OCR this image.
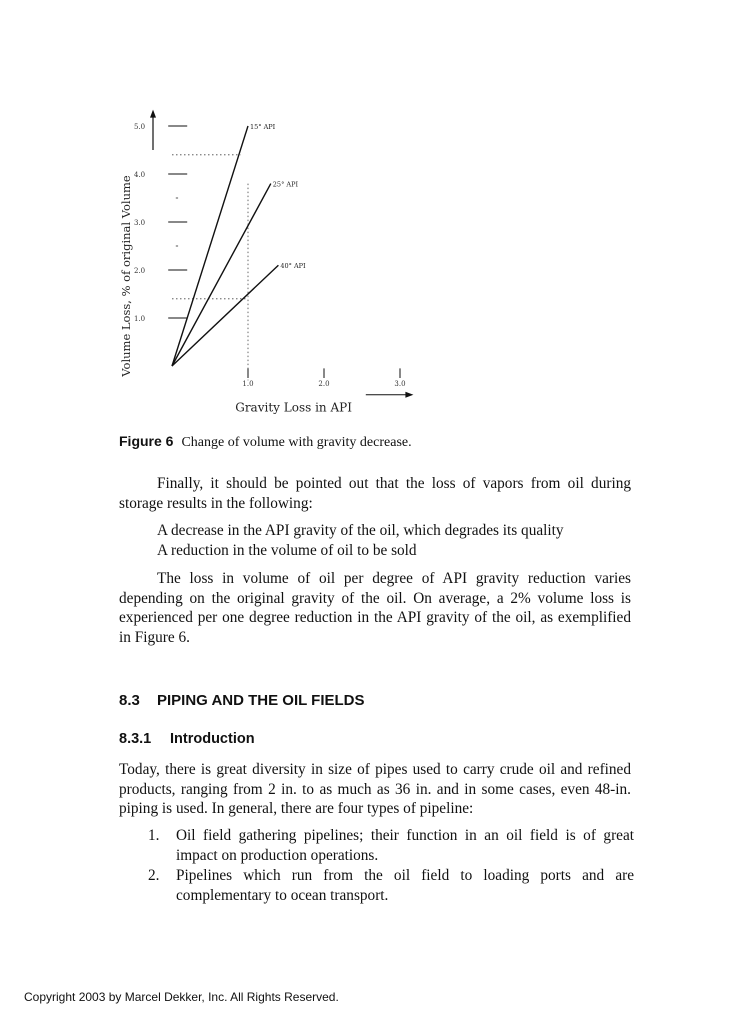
1.0
2.0
3.0
4.0
5.0
Volume Loss, % of original Volume
15° API
25° API
40° API
1.0	2.0	3.0
Gravity Loss in API
Figure 6 Change of volume with gravity decrease.

Finally, it should be pointed out that the loss of vapors from oil during storage results in the following:

A decrease in the API gravity of the oil, which degrades its quality

A reduction in the volume of oil to be sold

The loss in volume of oil per degree of API gravity reduction varies depending on the original gravity of the oil. On average, a 2% volume loss is experienced per one degree reduction in the API gravity of the oil, as exemplified in Figure 6.

8.3 PIPING AND THE OIL FIELDS
8.3.1 Introduction

Today, there is great diversity in size of pipes used to carry crude oil and refined products, ranging from 2 in. to as much as 36 in. and in some cases, even 48-in. piping is used. In general, there are four types of pipeline:

1. Oil field gathering pipelines; their function in an oil field is of great impact on production operations.
2. Pipelines which run from the oil field to loading ports and are complementary to ocean transport.
Copyright 2003 by Marcel Dekker, Inc. All Rights Reserved.
